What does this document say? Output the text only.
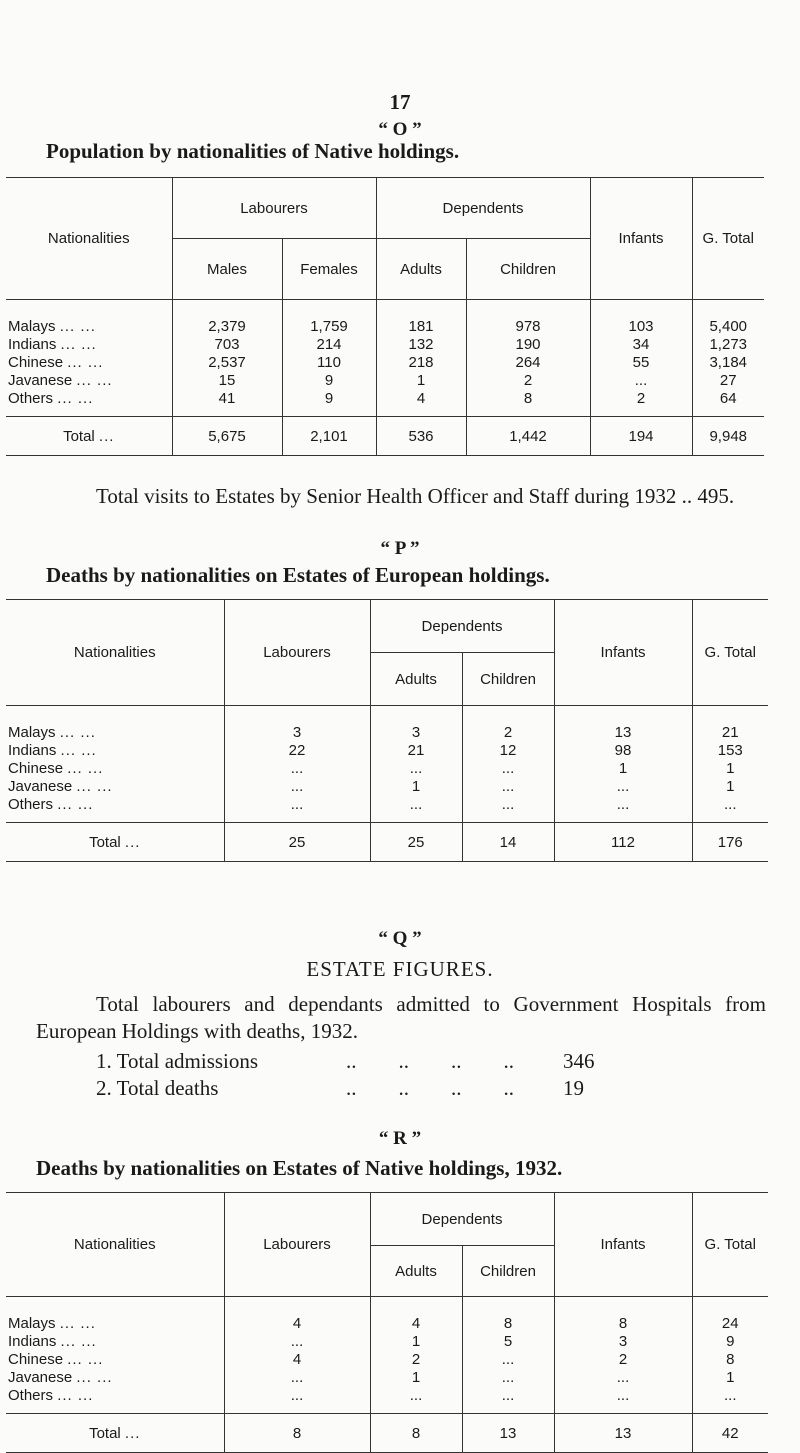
17
“ O ”
Population by nationalities of Native holdings.
Nationalities	Labourers		Dependents		Infants	G. Total
	Males	Females	Adults	Children		
Malays ... ...	2,379	1,759	181	978	103	5,400
Indians ... ...	703	214	132	190	34	1,273
Chinese ... ...	2,537	110	218	264	55	3,184
Javanese ... ...	15	9	1	2	...	27
Others ... ...	41	9	4	8	2	64
Total ...	5,675	2,101	536	1,442	194	9,948
Total visits to Estates by Senior Health Officer and Staff during 1932 .. 495.
“ P ”
Deaths by nationalities on Estates of European holdings.
Nationalities	Labourers	Dependents		Infants	G. Total
		Adults	Children		
Malays ... ...	3	3	2	13	21
Indians ... ...	22	21	12	98	153
Chinese ... ...	...	...	...	1	1
Javanese ... ...	...	1	...	...	1
Others ... ...	...	...	...	...	...
Total ...	25	25	14	112	176
“ Q ”
ESTATE FIGURES.
Total labourers and dependants admitted to Government Hospitals from
European Holdings with deaths, 1932.
1. Total admissions	..        ..        ..        .. 346
2. Total deaths	..        ..        ..        .. 19
“ R ”
Deaths by nationalities on Estates of Native holdings, 1932.
Nationalities	Labourers	Dependents		Infants	G. Total
		Adults	Children		
Malays ... ...	4	4	8	8	24
Indians ... ...	...	1	5	3	9
Chinese ... ...	4	2	...	2	8
Javanese ... ...	...	1	...	...	1
Others ... ...	...	...	...	...	...
Total ...	8	8	13	13	42
